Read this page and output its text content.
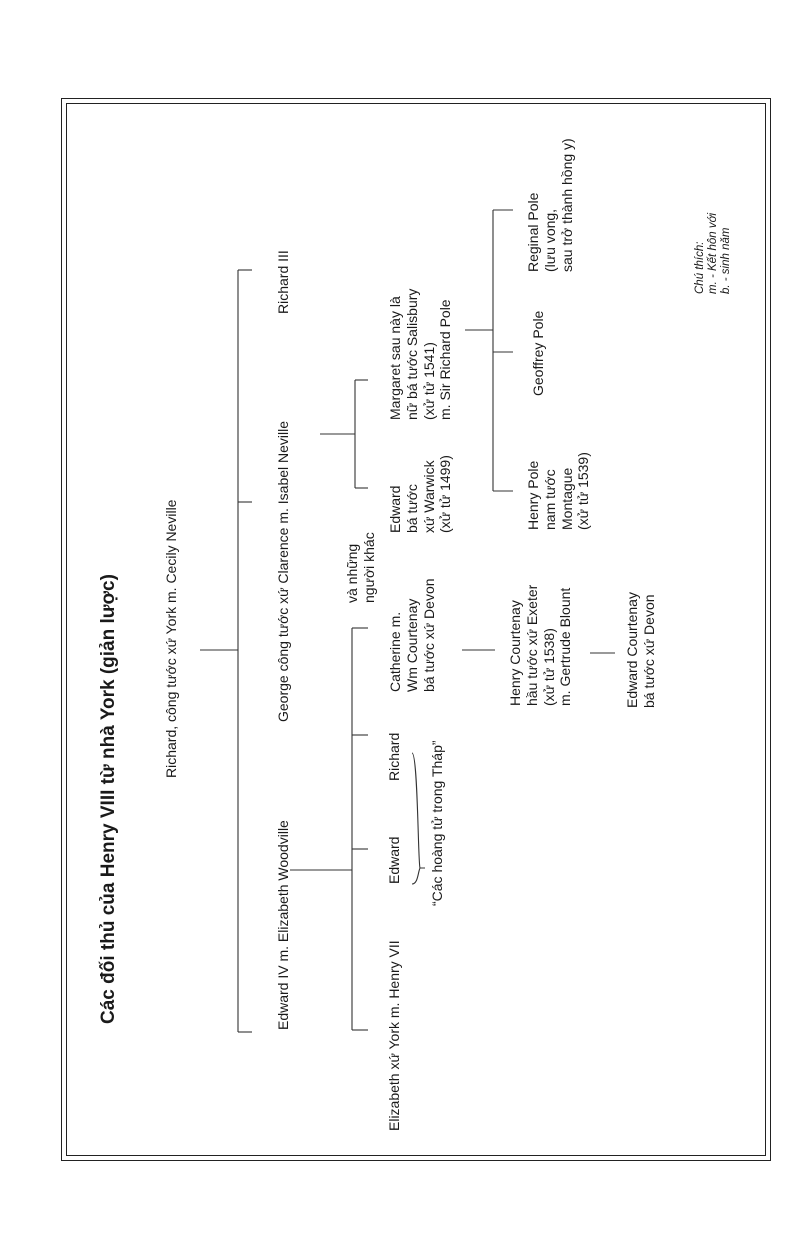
Các đối thủ của Henry VIII từ nhà York (giản lược)	Richard, công tước xứ York m. Cecily Neville
Edward IV m. Elizabeth Woodville
George công tước xứ Clarence m. Isabel Neville
Richard III
Elizabeth xứ York m. Henry VII
Edward
Richard “Các hoàng tử trong Tháp”
Catherine m. Wm Courtenay bá tước xứ Devon
và những người khác
Edward bá tước xứ Warwick (xử tử 1499)
Margaret sau này là nữ bá tước Salisbury (xử tử 1541) m. Sir Richard Pole
Henry Pole nam tước Montague (xử tử 1539)
Geoffrey Pole
Reginal Pole (lưu vong, sau trở thành hồng y)
Henry Courtenay hầu tước xứ Exeter (xử tử 1538) m. Gertrude Blount	Edward Courtenay bá tước xứ Devon
Chú thích: m. - Kết hôn với b. - sinh năm
